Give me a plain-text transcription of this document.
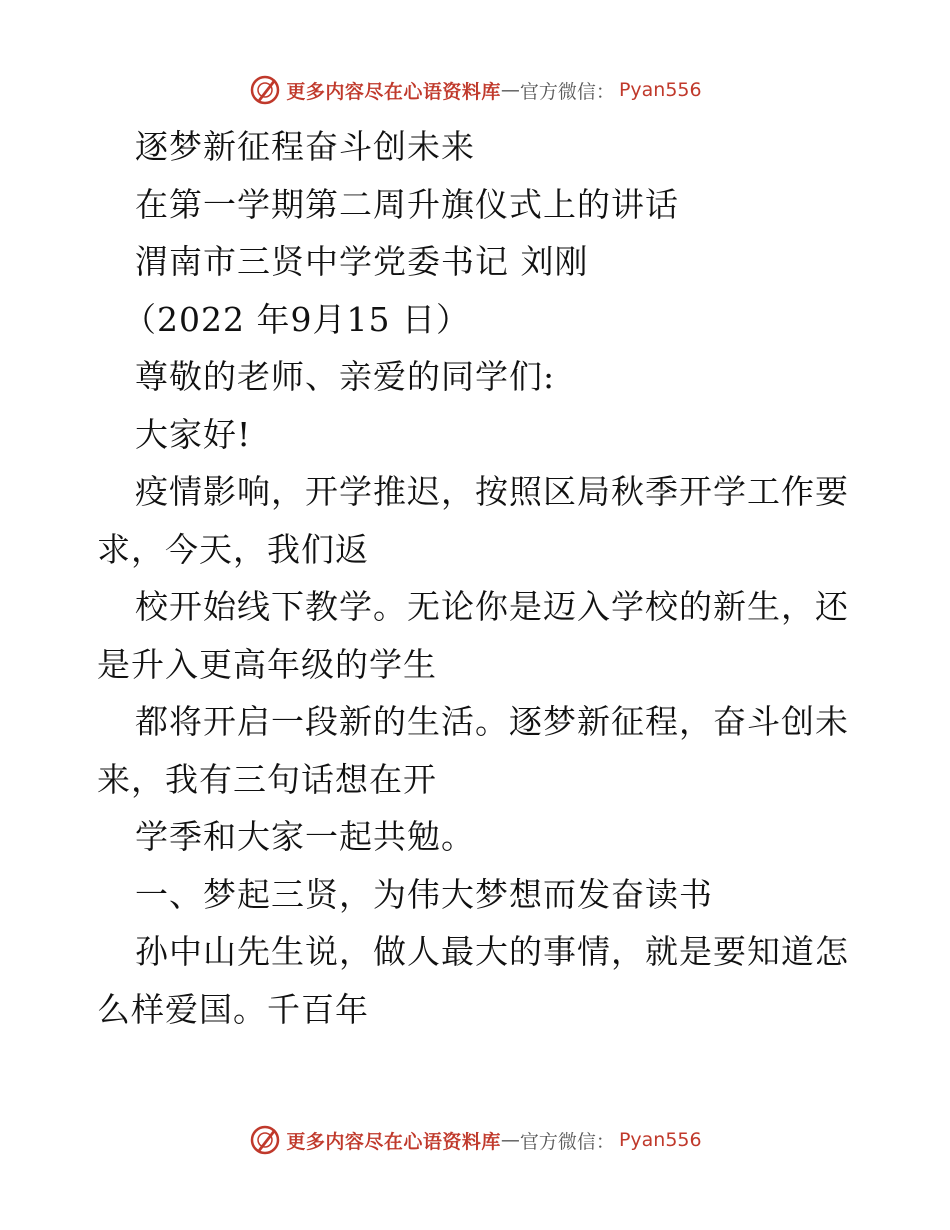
更多内容尽在心语资料库 — 官方微信： Pyan556
逐梦新征程奋斗创未来
在第一学期第二周升旗仪式上的讲话
渭南市三贤中学党委书记 刘刚
（2022 年9月15 日）
尊敬的老师、亲爱的同学们:
大家好!
疫情影响，开学推迟，按照区局秋季开学工作要
求，今天，我们返
校开始线下教学。无论你是迈入学校的新生，还
是升入更高年级的学生
都将开启一段新的生活。逐梦新征程，奋斗创未
来，我有三句话想在开
学季和大家一起共勉。
一、梦起三贤，为伟大梦想而发奋读书
孙中山先生说，做人最大的事情，就是要知道怎
么样爱国。千百年
更多内容尽在心语资料库 — 官方微信： Pyan556
